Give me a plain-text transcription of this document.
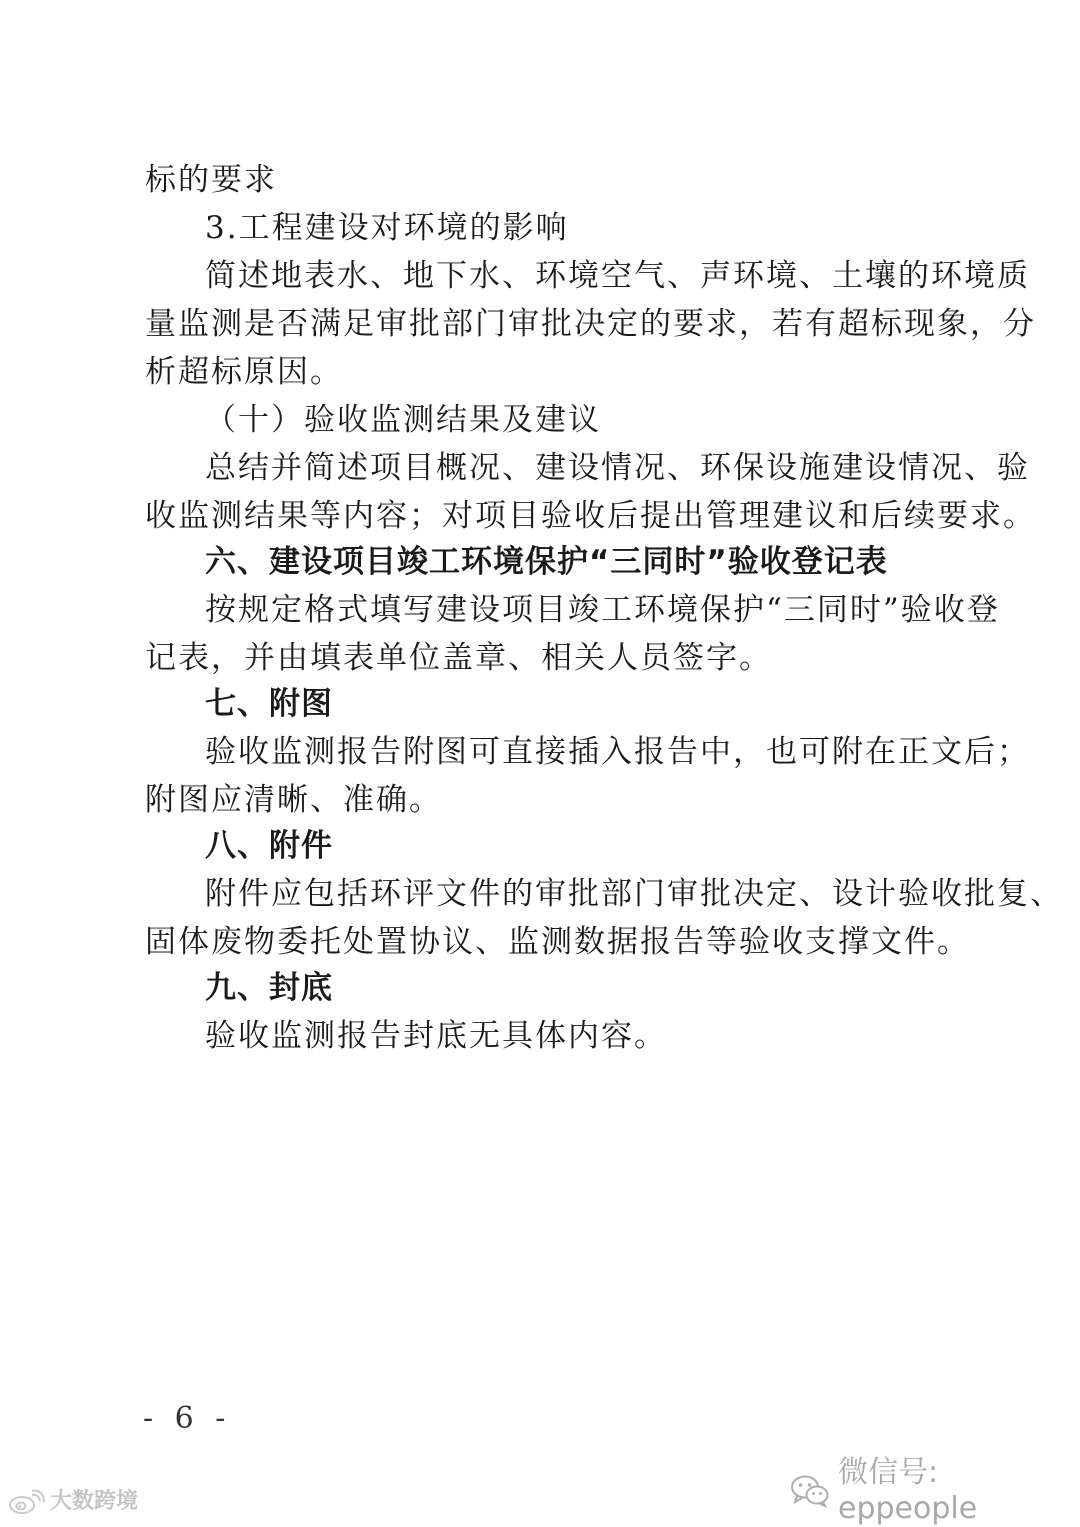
标的要求
3.工程建设对环境的影响
简述地表水、地下水、环境空气、声环境、土壤的环境质
量监测是否满足审批部门审批决定的要求，若有超标现象，分
析超标原因。
（十）验收监测结果及建议
总结并简述项目概况、建设情况、环保设施建设情况、验
收监测结果等内容；对项目验收后提出管理建议和后续要求。
六、建设项目竣工环境保护“三同时”验收登记表
按规定格式填写建设项目竣工环境保护“三同时”验收登
记表，并由填表单位盖章、相关人员签字。
七、附图
验收监测报告附图可直接插入报告中，也可附在正文后；
附图应清晰、准确。
八、附件
附件应包括环评文件的审批部门审批决定、设计验收批复、
固体废物委托处置协议、监测数据报告等验收支撑文件。
九、封底
验收监测报告封底无具体内容。
- 6 -
微信号: eppeople
大数跨境
